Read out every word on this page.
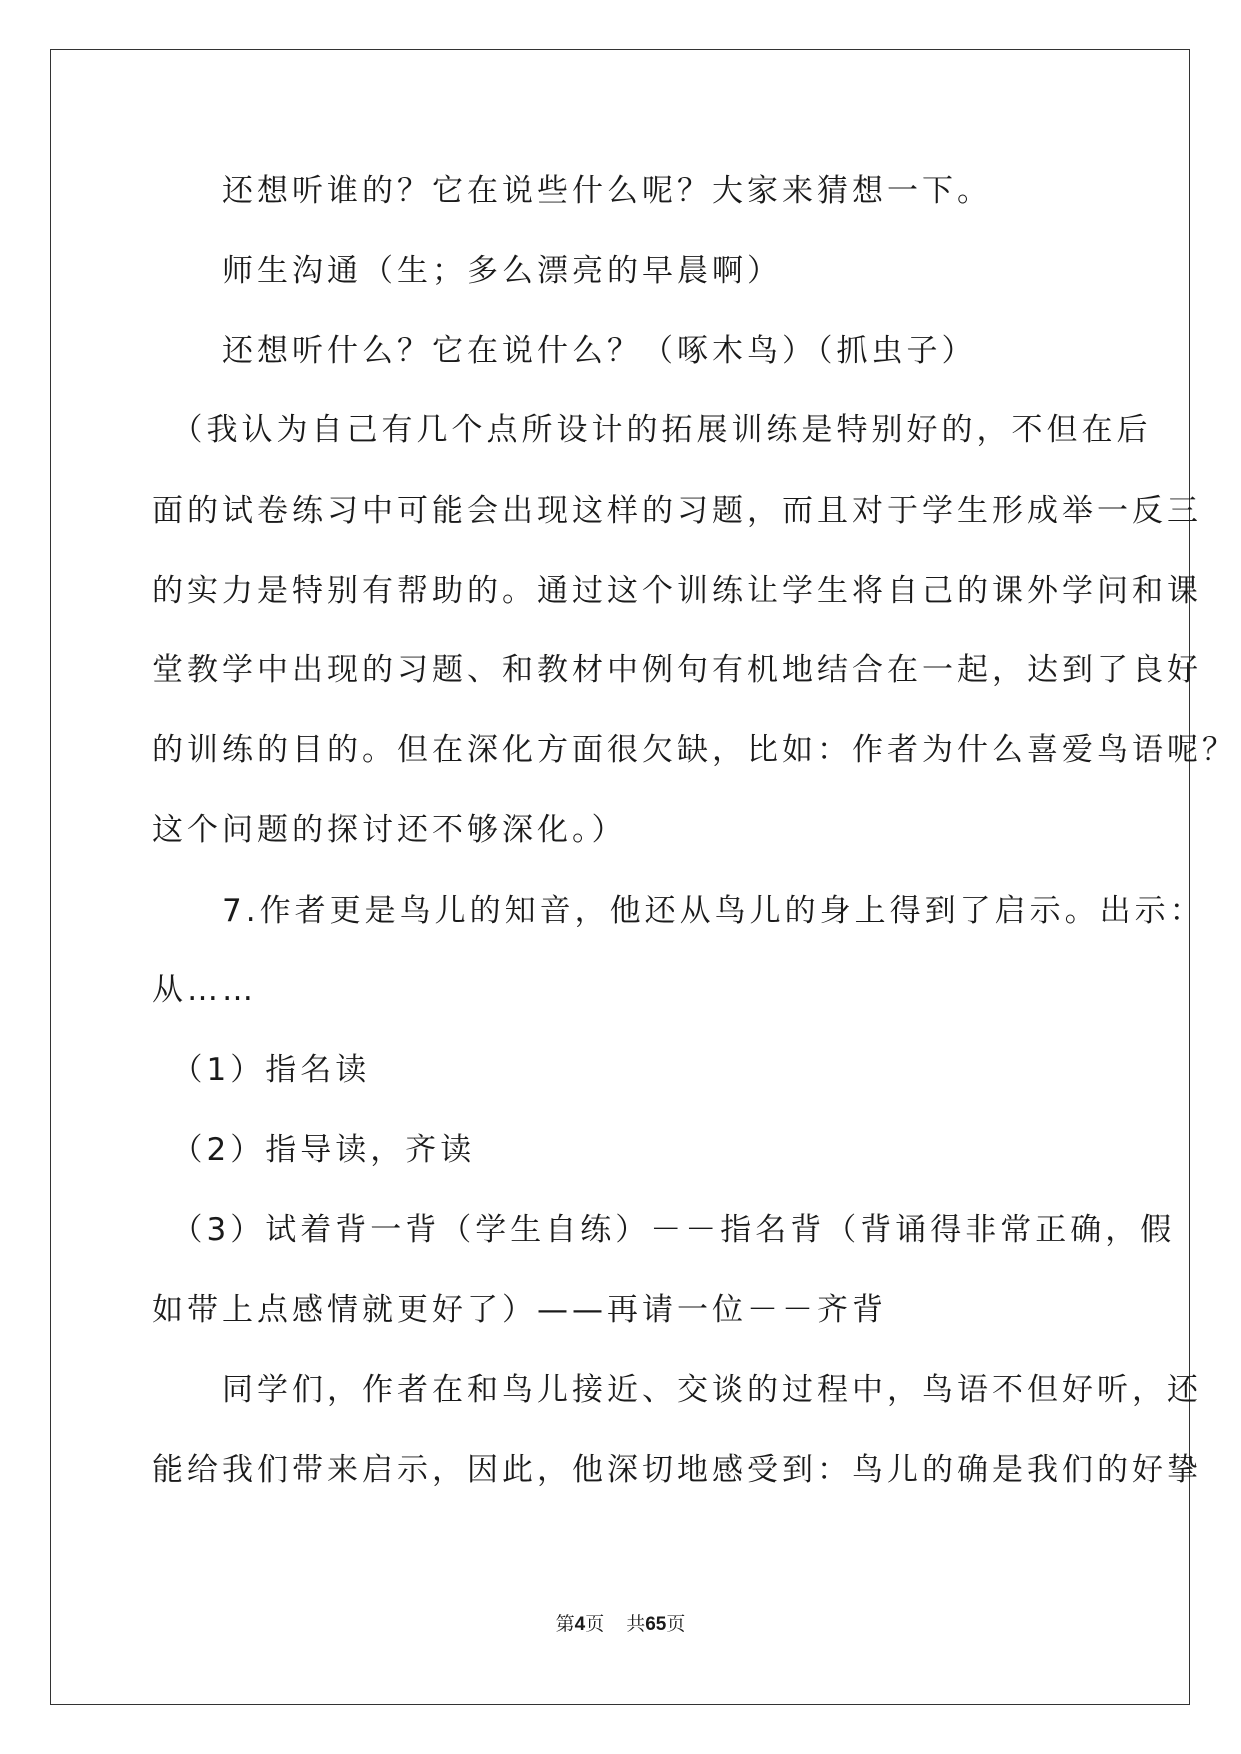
　　还想听谁的？它在说些什么呢？大家来猜想一下。
　　师生沟通（生；多么漂亮的早晨啊）
　　还想听什么？它在说什么？（啄木鸟）（抓虫子）
　（我认为自己有几个点所设计的拓展训练是特别好的，不但在后
面的试卷练习中可能会出现这样的习题，而且对于学生形成举一反三
的实力是特别有帮助的。通过这个训练让学生将自己的课外学问和课
堂教学中出现的习题、和教材中例句有机地结合在一起，达到了良好
的训练的目的。但在深化方面很欠缺，比如：作者为什么喜爱鸟语呢？
这个问题的探讨还不够深化。）
　　7.作者更是鸟儿的知音，他还从鸟儿的身上得到了启示。出示：
从……
　（1）指名读
　（2）指导读，齐读
　（3）试着背一背（学生自练）－－指名背（背诵得非常正确，假
如带上点感情就更好了）——再请一位－－齐背
　　同学们，作者在和鸟儿接近、交谈的过程中，鸟语不但好听，还
能给我们带来启示，因此，他深切地感受到：鸟儿的确是我们的好挚
第4页 共65页
